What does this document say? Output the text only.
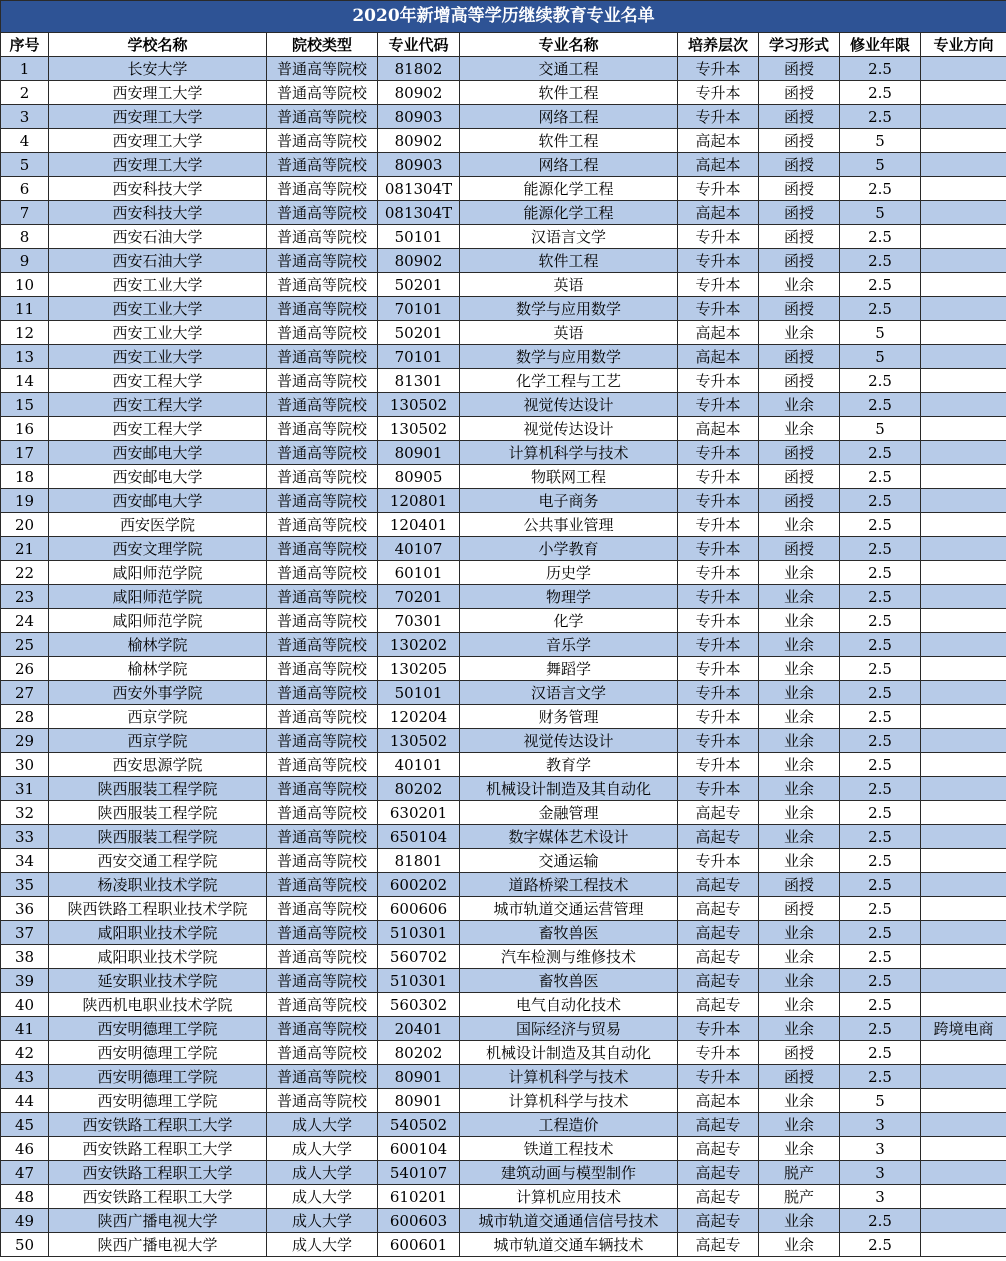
2020年新增高等学历继续教育专业名单
序号	学校名称	院校类型	专业代码	专业名称	培养层次	学习形式	修业年限	专业方向
1	长安大学	普通高等院校	81802	交通工程	专升本	函授	2.5	
2	西安理工大学	普通高等院校	80902	软件工程	专升本	函授	2.5	
3	西安理工大学	普通高等院校	80903	网络工程	专升本	函授	2.5	
4	西安理工大学	普通高等院校	80902	软件工程	高起本	函授	5	
5	西安理工大学	普通高等院校	80903	网络工程	高起本	函授	5	
6	西安科技大学	普通高等院校	081304T	能源化学工程	专升本	函授	2.5	
7	西安科技大学	普通高等院校	081304T	能源化学工程	高起本	函授	5	
8	西安石油大学	普通高等院校	50101	汉语言文学	专升本	函授	2.5	
9	西安石油大学	普通高等院校	80902	软件工程	专升本	函授	2.5	
10	西安工业大学	普通高等院校	50201	英语	专升本	业余	2.5	
11	西安工业大学	普通高等院校	70101	数学与应用数学	专升本	函授	2.5	
12	西安工业大学	普通高等院校	50201	英语	高起本	业余	5	
13	西安工业大学	普通高等院校	70101	数学与应用数学	高起本	函授	5	
14	西安工程大学	普通高等院校	81301	化学工程与工艺	专升本	函授	2.5	
15	西安工程大学	普通高等院校	130502	视觉传达设计	专升本	业余	2.5	
16	西安工程大学	普通高等院校	130502	视觉传达设计	高起本	业余	5	
17	西安邮电大学	普通高等院校	80901	计算机科学与技术	专升本	函授	2.5	
18	西安邮电大学	普通高等院校	80905	物联网工程	专升本	函授	2.5	
19	西安邮电大学	普通高等院校	120801	电子商务	专升本	函授	2.5	
20	西安医学院	普通高等院校	120401	公共事业管理	专升本	业余	2.5	
21	西安文理学院	普通高等院校	40107	小学教育	专升本	函授	2.5	
22	咸阳师范学院	普通高等院校	60101	历史学	专升本	业余	2.5	
23	咸阳师范学院	普通高等院校	70201	物理学	专升本	业余	2.5	
24	咸阳师范学院	普通高等院校	70301	化学	专升本	业余	2.5	
25	榆林学院	普通高等院校	130202	音乐学	专升本	业余	2.5	
26	榆林学院	普通高等院校	130205	舞蹈学	专升本	业余	2.5	
27	西安外事学院	普通高等院校	50101	汉语言文学	专升本	业余	2.5	
28	西京学院	普通高等院校	120204	财务管理	专升本	业余	2.5	
29	西京学院	普通高等院校	130502	视觉传达设计	专升本	业余	2.5	
30	西安思源学院	普通高等院校	40101	教育学	专升本	业余	2.5	
31	陕西服装工程学院	普通高等院校	80202	机械设计制造及其自动化	专升本	业余	2.5	
32	陕西服装工程学院	普通高等院校	630201	金融管理	高起专	业余	2.5	
33	陕西服装工程学院	普通高等院校	650104	数字媒体艺术设计	高起专	业余	2.5	
34	西安交通工程学院	普通高等院校	81801	交通运输	专升本	业余	2.5	
35	杨凌职业技术学院	普通高等院校	600202	道路桥梁工程技术	高起专	函授	2.5	
36	陕西铁路工程职业技术学院	普通高等院校	600606	城市轨道交通运营管理	高起专	函授	2.5	
37	咸阳职业技术学院	普通高等院校	510301	畜牧兽医	高起专	业余	2.5	
38	咸阳职业技术学院	普通高等院校	560702	汽车检测与维修技术	高起专	业余	2.5	
39	延安职业技术学院	普通高等院校	510301	畜牧兽医	高起专	业余	2.5	
40	陕西机电职业技术学院	普通高等院校	560302	电气自动化技术	高起专	业余	2.5	
41	西安明德理工学院	普通高等院校	20401	国际经济与贸易	专升本	业余	2.5	跨境电商
42	西安明德理工学院	普通高等院校	80202	机械设计制造及其自动化	专升本	函授	2.5	
43	西安明德理工学院	普通高等院校	80901	计算机科学与技术	专升本	函授	2.5	
44	西安明德理工学院	普通高等院校	80901	计算机科学与技术	高起本	业余	5	
45	西安铁路工程职工大学	成人大学	540502	工程造价	高起专	业余	3	
46	西安铁路工程职工大学	成人大学	600104	铁道工程技术	高起专	业余	3	
47	西安铁路工程职工大学	成人大学	540107	建筑动画与模型制作	高起专	脱产	3	
48	西安铁路工程职工大学	成人大学	610201	计算机应用技术	高起专	脱产	3	
49	陕西广播电视大学	成人大学	600603	城市轨道交通通信信号技术	高起专	业余	2.5	
50	陕西广播电视大学	成人大学	600601	城市轨道交通车辆技术	高起专	业余	2.5	
